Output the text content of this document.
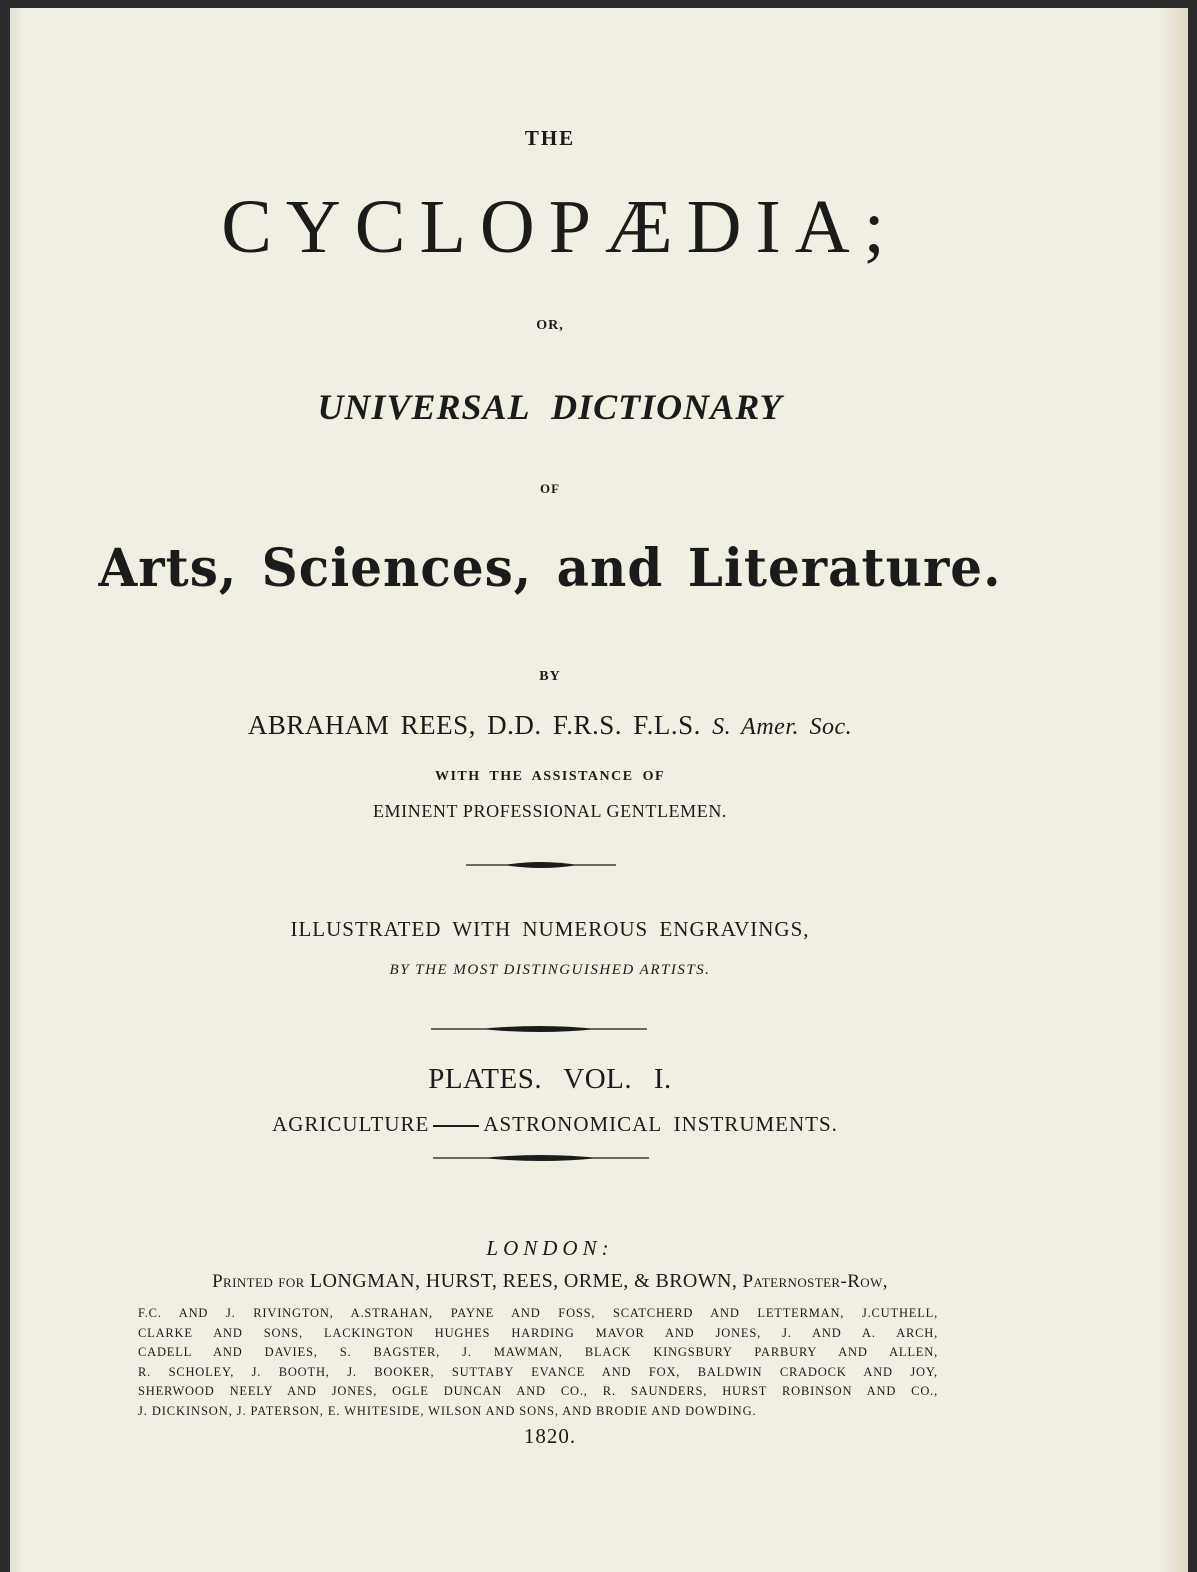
THE
CYCLOPÆDIA;
OR,
UNIVERSAL DICTIONARY
OF
Arts, Sciences, and Literature.
BY
ABRAHAM REES, D.D. F.R.S. F.L.S. S. Amer. Soc.
WITH THE ASSISTANCE OF
EMINENT PROFESSIONAL GENTLEMEN.
ILLUSTRATED WITH NUMEROUS ENGRAVINGS,
BY THE MOST DISTINGUISHED ARTISTS.
PLATES. VOL. I.
AGRICULTURE	ASTRONOMICAL INSTRUMENTS.
LONDON:
Printed for LONGMAN, HURST, REES, ORME, & BROWN, Paternoster-Row,
F.C. AND J. RIVINGTON, A.STRAHAN, PAYNE AND FOSS, SCATCHERD AND LETTERMAN, J.CUTHELL,
CLARKE AND SONS, LACKINGTON HUGHES HARDING MAVOR AND JONES, J. AND A. ARCH,
CADELL AND DAVIES, S. BAGSTER, J. MAWMAN, BLACK KINGSBURY PARBURY AND ALLEN,
R. SCHOLEY, J. BOOTH, J. BOOKER, SUTTABY EVANCE AND FOX, BALDWIN CRADOCK AND JOY,
SHERWOOD NEELY AND JONES, OGLE DUNCAN AND CO., R. SAUNDERS, HURST ROBINSON AND CO.,
J. DICKINSON, J. PATERSON, E. WHITESIDE, WILSON AND SONS, AND BRODIE AND DOWDING.
1820.
